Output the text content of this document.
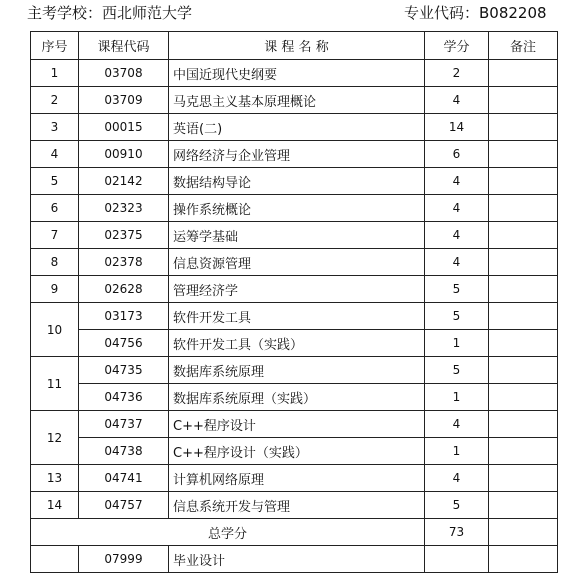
主考学校：西北师范大学	专业代码：B082208
序号	课程代码	课 程 名 称	学分	备注
1	03708	中国近现代史纲要	2	
2	03709	马克思主义基本原理概论	4	
3	00015	英语(二)	14	
4	00910	网络经济与企业管理	6	
5	02142	数据结构导论	4	
6	02323	操作系统概论	4	
7	02375	运筹学基础	4	
8	02378	信息资源管理	4	
9	02628	管理经济学	5	
10	03173	软件开发工具	5	
	04756	软件开发工具（实践）	1	
11	04735	数据库系统原理	5	
	04736	数据库系统原理（实践）	1	
12	04737	C++程序设计	4	
	04738	C++程序设计（实践）	1	
13	04741	计算机网络原理	4	
14	04757	信息系统开发与管理	5	
总学分			73	
	07999	毕业设计		
